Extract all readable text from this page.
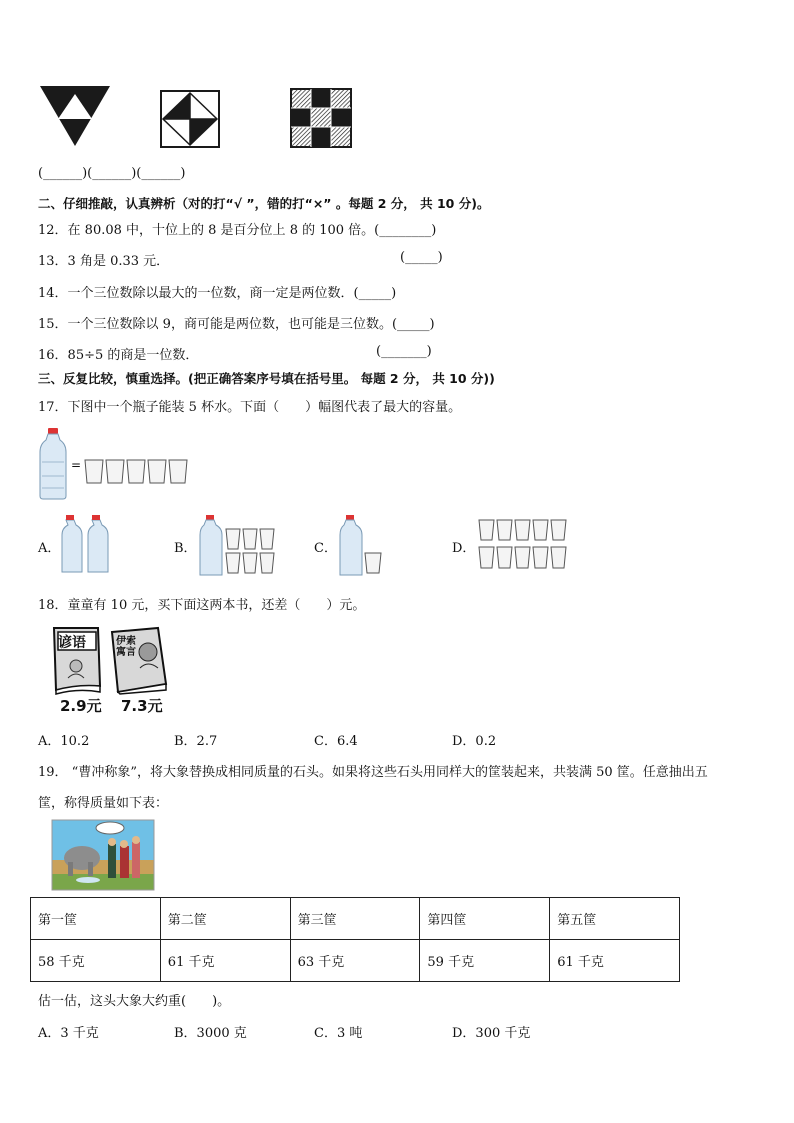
(______)(______)(______)
二、仔细推敲，认真辨析（对的打“√ ”，错的打“×” 。每题 2 分， 共 10 分)。
12．在 80.08 中，十位上的 8 是百分位上 8 的 100 倍。(________)
13．3 角是 0.33 元．	(_____)
14．一个三位数除以最大的一位数，商一定是两位数．(_____)
15．一个三位数除以 9，商可能是两位数，也可能是三位数。(_____)
16．85÷5 的商是一位数．	(_______)
三、反复比较，慎重选择。(把正确答案序号填在括号里。 每题 2 分， 共 10 分))
17．下图中一个瓶子能装 5 杯水。下面（　　）幅图代表了最大的容量。
=
A．	B．	C．	D．
18．童童有 10 元，买下面这两本书，还差（　　）元。
谚语	伊索寓言
2.9元 7.3元
A．10.2	B．2.7	C．6.4	D．0.2
19． “曹冲称象”，将大象替换成相同质量的石头。如果将这些石头用同样大的筐装起来，共装满 50 筐。任意抽出五
筐，称得质量如下表：
第一筐	第二筐	第三筐	第四筐	第五筐
58 千克	61 千克	63 千克	59 千克	61 千克
估一估，这头大象大约重(　　)。
A．3 千克	B．3000 克	C．3 吨	D．300 千克
